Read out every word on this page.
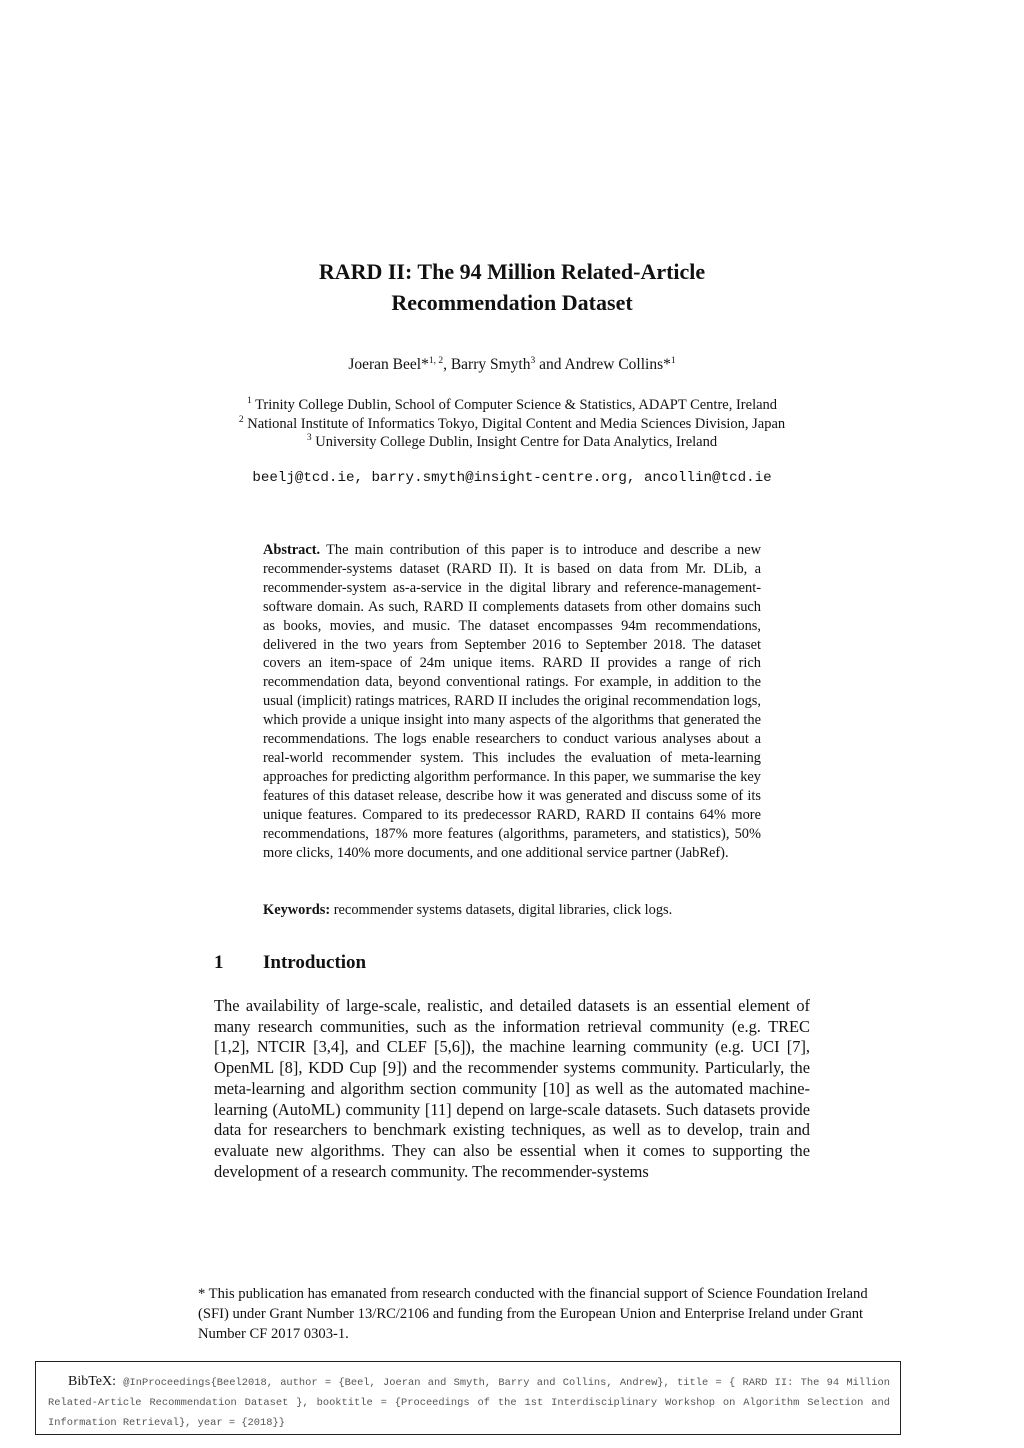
RARD II: The 94 Million Related-Article
Recommendation Dataset
Joeran Beel*$^{1, 2}$, Barry Smyth$^3$ and Andrew Collins*$^1$
$^1$ Trinity College Dublin, School of Computer Science & Statistics, ADAPT Centre, Ireland
$^2$ National Institute of Informatics Tokyo, Digital Content and Media Sciences Division, Japan
$^3$ University College Dublin, Insight Centre for Data Analytics, Ireland
beelj@tcd.ie, barry.smyth@insight-centre.org, ancollin@tcd.ie
Abstract. The main contribution of this paper is to introduce and describe a new recommender-systems dataset (RARD II). It is based on data from Mr. DLib, a recommender-system as-a-service in the digital library and reference-management-software domain. As such, RARD II complements datasets from other domains such as books, movies, and music. The dataset encompasses 94m recommendations, delivered in the two years from September 2016 to September 2018. The dataset covers an item-space of 24m unique items. RARD II provides a range of rich recommendation data, beyond conventional ratings. For example, in addition to the usual (implicit) ratings matrices, RARD II includes the original recommendation logs, which provide a unique insight into many aspects of the algorithms that generated the recommendations. The logs enable researchers to conduct various analyses about a real-world recommender system. This includes the evaluation of meta-learning approaches for predicting algorithm performance. In this paper, we summarise the key features of this dataset release, describe how it was generated and discuss some of its unique features. Compared to its predecessor RARD, RARD II contains 64% more recommendations, 187% more features (algorithms, parameters, and statistics), 50% more clicks, 140% more documents, and one additional service partner (JabRef).
Keywords: recommender systems datasets, digital libraries, click logs.
1 Introduction
The availability of large-scale, realistic, and detailed datasets is an essential element of many research communities, such as the information retrieval community (e.g. TREC [1,2], NTCIR [3,4], and CLEF [5,6]), the machine learning community (e.g. UCI [7], OpenML [8], KDD Cup [9]) and the recommender systems community. Particularly, the meta-learning and algorithm section community [10] as well as the automated machine-learning (AutoML) community [11] depend on large-scale datasets. Such datasets provide data for researchers to benchmark existing techniques, as well as to develop, train and evaluate new algorithms. They can also be essential when it comes to supporting the development of a research community. The recommender-systems
* This publication has emanated from research conducted with the financial support of Science Foundation Ireland (SFI) under Grant Number 13/RC/2106 and funding from the European Union and Enterprise Ireland under Grant Number CF 2017 0303-1.
BibTeX: @InProceedings{Beel2018, author = {Beel, Joeran and Smyth, Barry and Collins, Andrew}, title = { RARD II: The 94 Million Related-Article Recommendation Dataset }, booktitle = {Proceedings of the 1st Interdisciplinary Workshop on Algorithm Selection and Information Retrieval}, year = {2018}}
